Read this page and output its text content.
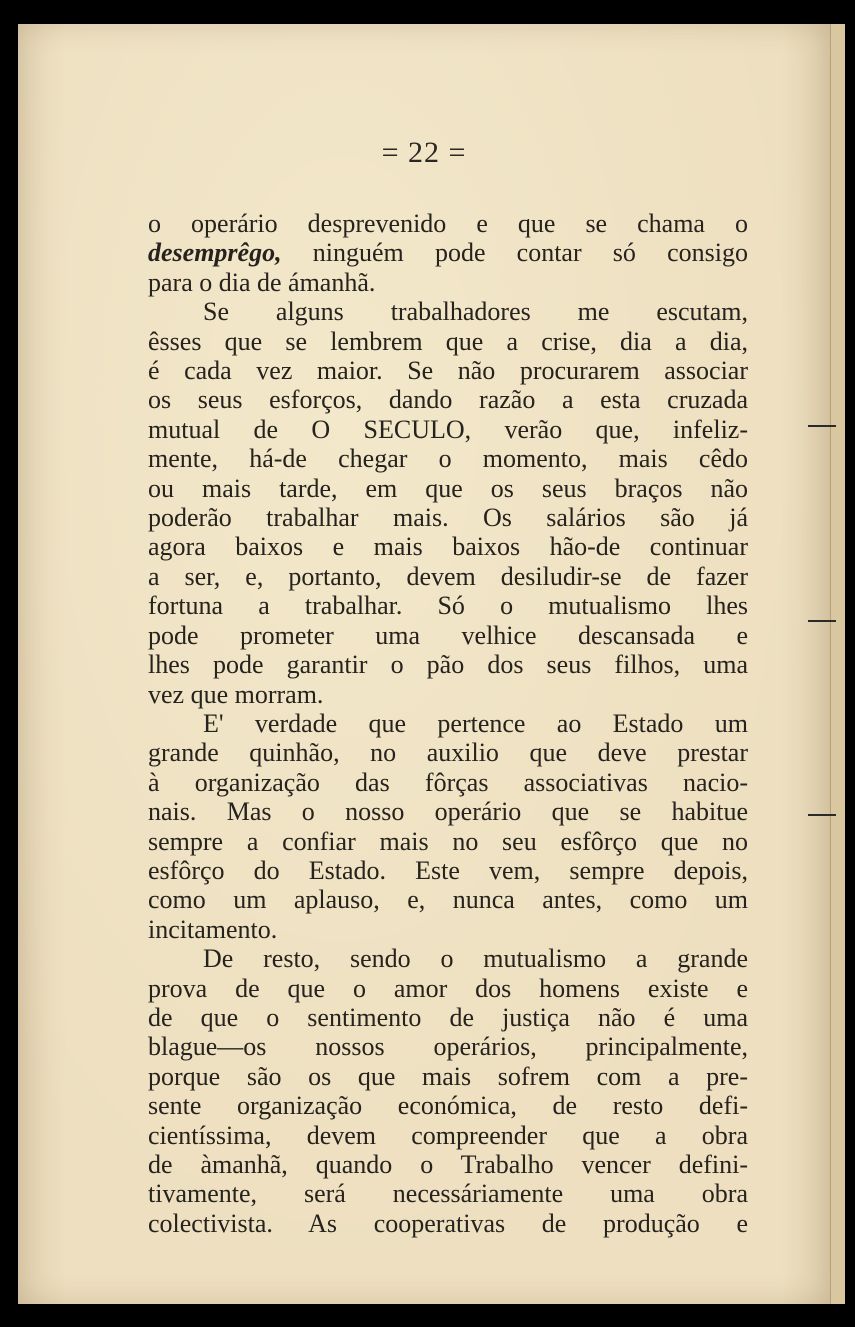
= 22 =
o operário desprevenido e que se chama o
desemprêgo, ninguém pode contar só consigo
para o dia de ámanhã.
Se alguns trabalhadores me escutam,
êsses que se lembrem que a crise, dia a dia,
é cada vez maior. Se não procurarem associar
os seus esforços, dando razão a esta cruzada
mutual de O SECULO, verão que, infeliz-
mente, há-de chegar o momento, mais cêdo
ou mais tarde, em que os seus braços não
poderão trabalhar mais. Os salários são já
agora baixos e mais baixos hão-de continuar
a ser, e, portanto, devem desiludir-se de fazer
fortuna a trabalhar. Só o mutualismo lhes
pode prometer uma velhice descansada e
lhes pode garantir o pão dos seus filhos, uma
vez que morram.
E' verdade que pertence ao Estado um
grande quinhão, no auxilio que deve prestar
à organização das fôrças associativas nacio-
nais. Mas o nosso operário que se habitue
sempre a confiar mais no seu esfôrço que no
esfôrço do Estado. Este vem, sempre depois,
como um aplauso, e, nunca antes, como um
incitamento.
De resto, sendo o mutualismo a grande
prova de que o amor dos homens existe e
de que o sentimento de justiça não é uma
blague—os nossos operários, principalmente,
porque são os que mais sofrem com a pre-
sente organização económica, de resto defi-
cientíssima, devem compreender que a obra
de àmanhã, quando o Trabalho vencer defini-
tivamente, será necessáriamente uma obra
colectivista. As cooperativas de produção e
